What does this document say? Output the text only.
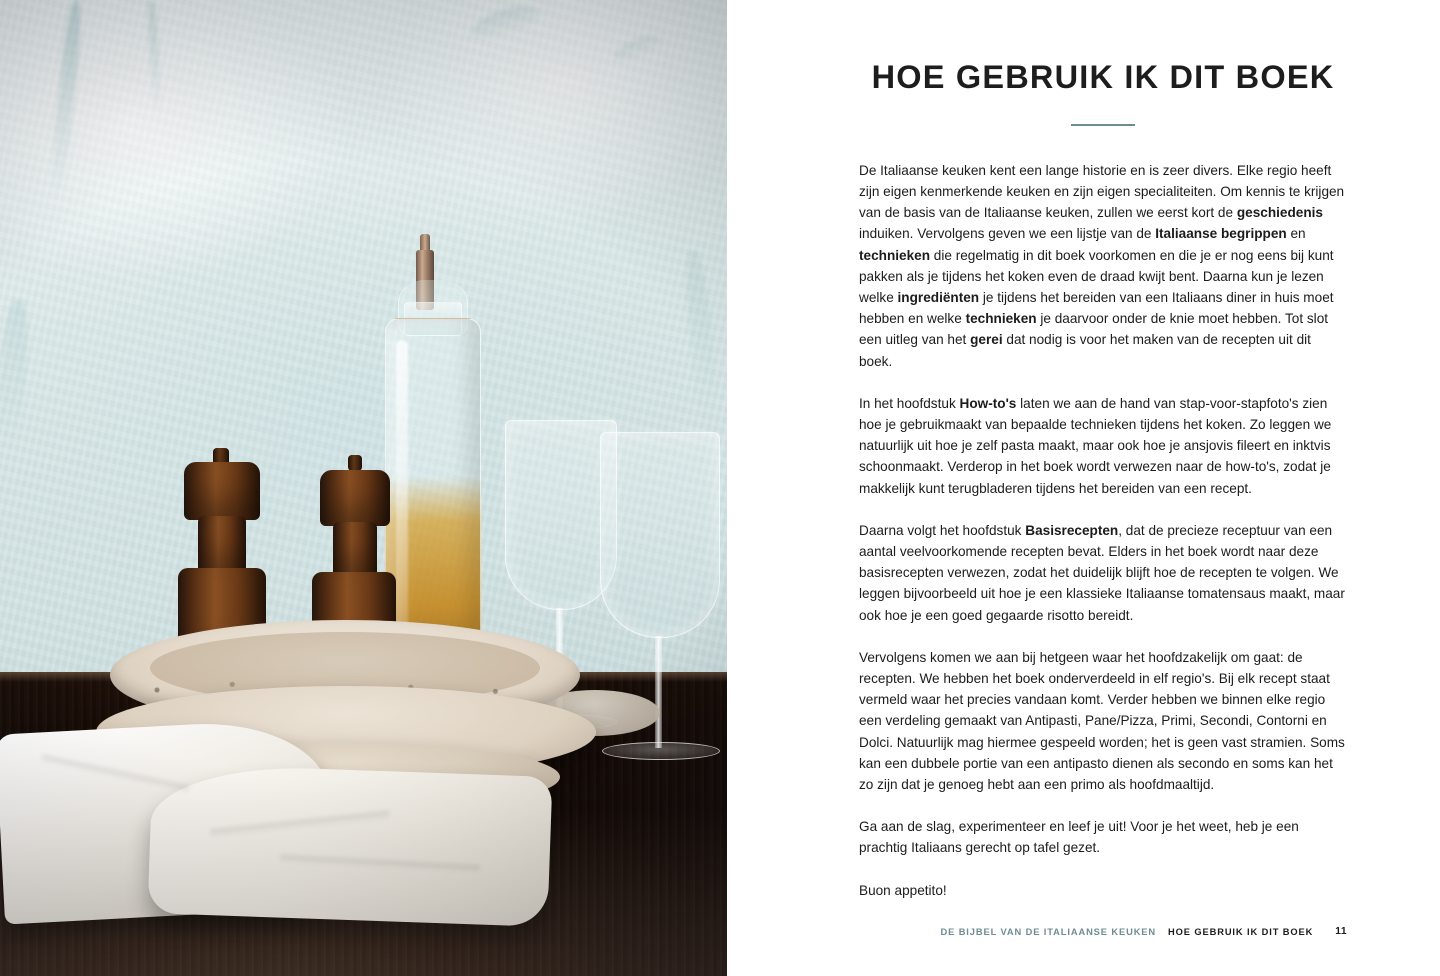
HOE GEBRUIK IK DIT BOEK

De Italiaanse keuken kent een lange historie en is zeer divers. Elke regio heeft zijn eigen kenmerkende keuken en zijn eigen specialiteiten. Om kennis te krijgen van de basis van de Italiaanse keuken, zullen we eerst kort de geschiedenis induiken. Vervolgens geven we een lijstje van de Italiaanse begrippen en technieken die regelmatig in dit boek voorkomen en die je er nog eens bij kunt pakken als je tijdens het koken even de draad kwijt bent. Daarna kun je lezen welke ingrediënten je tijdens het bereiden van een Italiaans diner in huis moet hebben en welke technieken je daarvoor onder de knie moet hebben. Tot slot een uitleg van het gerei dat nodig is voor het maken van de recepten uit dit boek.

In het hoofdstuk How-to's laten we aan de hand van stap-voor-stapfoto's zien hoe je gebruikmaakt van bepaalde technieken tijdens het koken. Zo leggen we natuurlijk uit hoe je zelf pasta maakt, maar ook hoe je ansjovis fileert en inktvis schoonmaakt. Verderop in het boek wordt verwezen naar de how-to's, zodat je makkelijk kunt terugbladeren tijdens het bereiden van een recept.

Daarna volgt het hoofdstuk Basisrecepten, dat de precieze receptuur van een aantal veelvoorkomende recepten bevat. Elders in het boek wordt naar deze basisrecepten verwezen, zodat het duidelijk blijft hoe de recepten te volgen. We leggen bijvoorbeeld uit hoe je een klassieke Italiaanse tomatensaus maakt, maar ook hoe je een goed gegaarde risotto bereidt.

Vervolgens komen we aan bij hetgeen waar het hoofdzakelijk om gaat: de recepten. We hebben het boek onderverdeeld in elf regio's. Bij elk recept staat vermeld waar het precies vandaan komt. Verder hebben we binnen elke regio een verdeling gemaakt van Antipasti, Pane/Pizza, Primi, Secondi, Contorni en Dolci. Natuurlijk mag hiermee gespeeld worden; het is geen vast stramien. Soms kan een dubbele portie van een antipasto dienen als secondo en soms kan het zo zijn dat je genoeg hebt aan een primo als hoofdmaaltijd.

Ga aan de slag, experimenteer en leef je uit! Voor je het weet, heb je een prachtig Italiaans gerecht op tafel gezet.

Buon appetito!

DE BIJBEL VAN DE ITALIAANSE KEUKEN HOE GEBRUIK IK DIT BOEK 11
